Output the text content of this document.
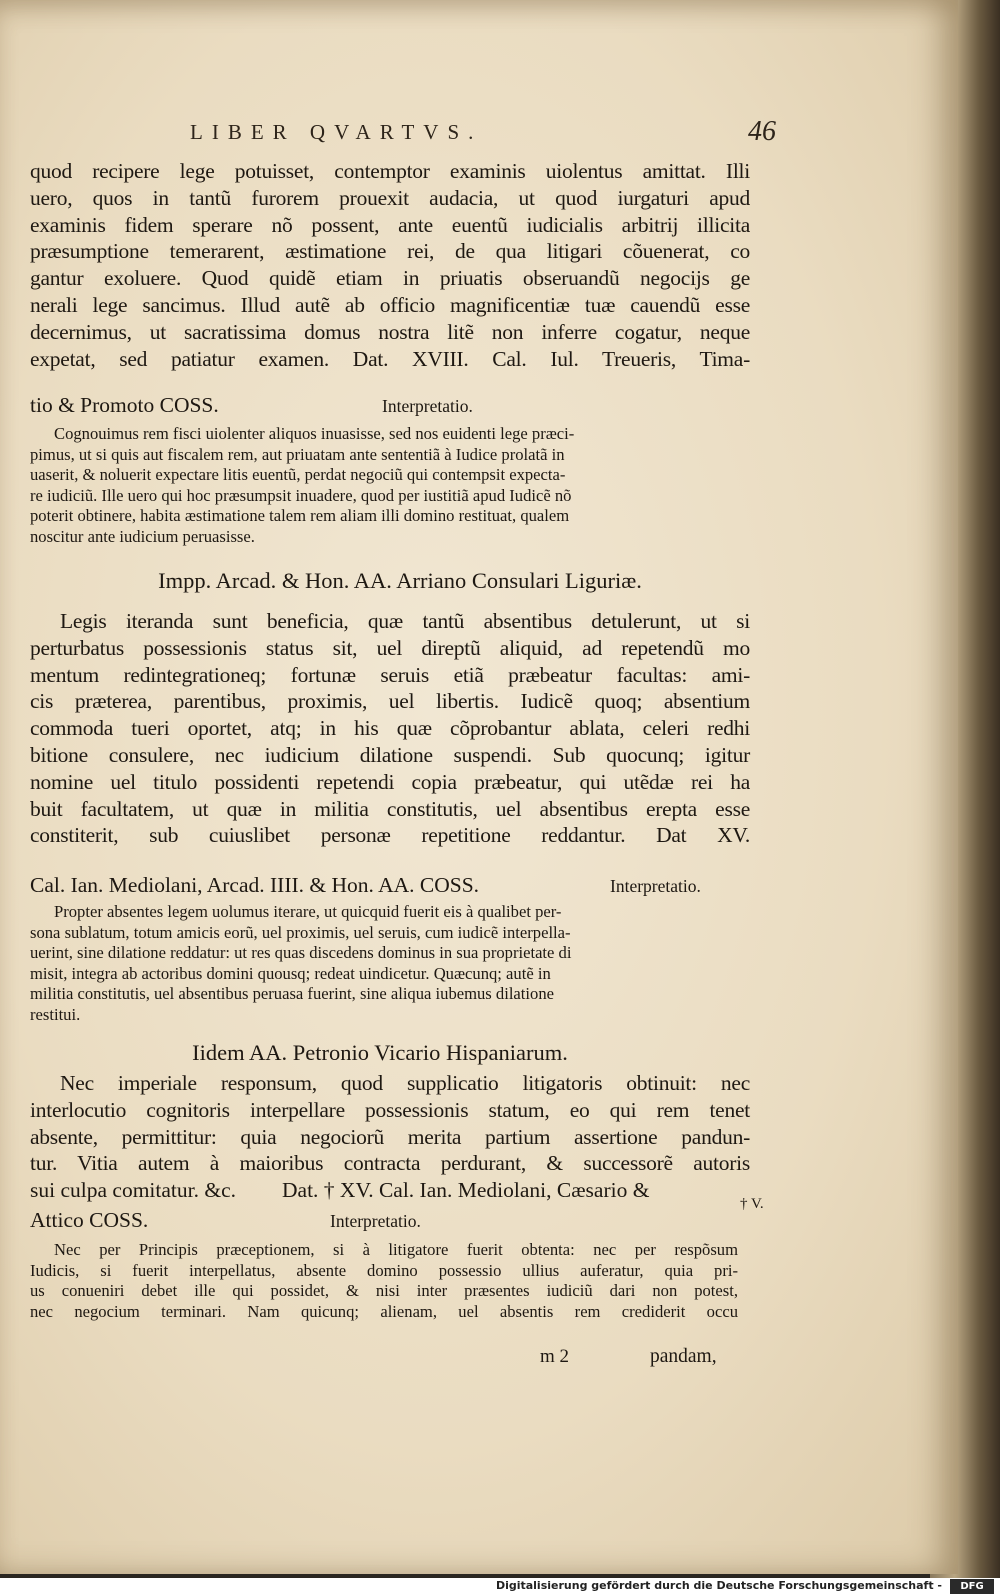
LIBER QVARTVS.	46

quod recipere lege potuisset, contemptor examinis uiolentus amittat. Illi
uero, quos in tantũ furorem prouexit audacia, ut quod iurgaturi apud
examinis fidem sperare nõ possent, ante euentũ iudicialis arbitrij illicita
præsumptione temerarent, æstimatione rei, de qua litigari cõuenerat, co
gantur exoluere. Quod quidẽ etiam in priuatis obseruandũ negocijs ge
nerali lege sancimus. Illud autẽ ab officio magnificentiæ tuæ cauendũ esse
decernimus, ut sacratissima domus nostra litẽ non inferre cogatur, neque
expetat, sed patiatur examen. Dat. XVIII. Cal. Iul. Treueris, Tima-

tio & Promoto COSS.	Interpretatio.

Cognouimus rem fisci uiolenter aliquos inuasisse, sed nos euidenti lege præci-
pimus, ut si quis aut fiscalem rem, aut priuatam ante sententiã à Iudice prolatã in
uaserit, & noluerit expectare litis euentũ, perdat negociũ qui contempsit expecta-
re iudiciũ. Ille uero qui hoc præsumpsit inuadere, quod per iustitiã apud Iudicẽ nõ
poterit obtinere, habita æstimatione talem rem aliam illi domino restituat, qualem
noscitur ante iudicium peruasisse.

Impp. Arcad. & Hon. AA. Arriano Consulari Liguriæ.

Legis iteranda sunt beneficia, quæ tantũ absentibus detulerunt, ut si
perturbatus possessionis status sit, uel direptũ aliquid, ad repetendũ mo
mentum redintegrationeq; fortunæ seruis etiã præbeatur facultas: ami-
cis præterea, parentibus, proximis, uel libertis. Iudicẽ quoq; absentium
commoda tueri oportet, atq; in his quæ cõprobantur ablata, celeri redhi
bitione consulere, nec iudicium dilatione suspendi. Sub quocunq; igitur
nomine uel titulo possidenti repetendi copia præbeatur, qui utẽdæ rei ha
buit facultatem, ut quæ in militia constitutis, uel absentibus erepta esse
constiterit, sub cuiuslibet personæ repetitione reddantur. Dat XV.

Cal. Ian. Mediolani, Arcad. IIII. & Hon. AA. COSS.	Interpretatio.

Propter absentes legem uolumus iterare, ut quicquid fuerit eis à qualibet per-
sona sublatum, totum amicis eorũ, uel proximis, uel seruis, cum iudicẽ interpella-
uerint, sine dilatione reddatur: ut res quas discedens dominus in sua proprietate di
misit, integra ab actoribus domini quousq; redeat uindicetur. Quæcunq; autẽ in
militia constitutis, uel absentibus peruasa fuerint, sine aliqua iubemus dilatione
restitui.

Iidem AA. Petronio Vicario Hispaniarum.

Nec imperiale responsum, quod supplicatio litigatoris obtinuit: nec
interlocutio cognitoris interpellare possessionis statum, eo qui rem tenet
absente, permittitur: quia negociorũ merita partium assertione pandun-
tur. Vitia autem à maioribus contracta perdurant, & successorẽ autoris

sui culpa comitatur. &c. Dat. † XV. Cal. Ian. Mediolani, Cæsario &
† V.
Attico COSS.	Interpretatio.

Nec per Principis præceptionem, si à litigatore fuerit obtenta: nec per respõsum
Iudicis, si fuerit interpellatus, absente domino possessio ullius auferatur, quia pri-
us conueniri debet ille qui possidet, & nisi inter præsentes iudiciũ dari non potest,
nec negocium terminari. Nam quicunq; alienam, uel absentis rem crediderit occu

m 2	pandam,
Digitalisierung gefördert durch die Deutsche Forschungsgemeinschaft -	DFG
